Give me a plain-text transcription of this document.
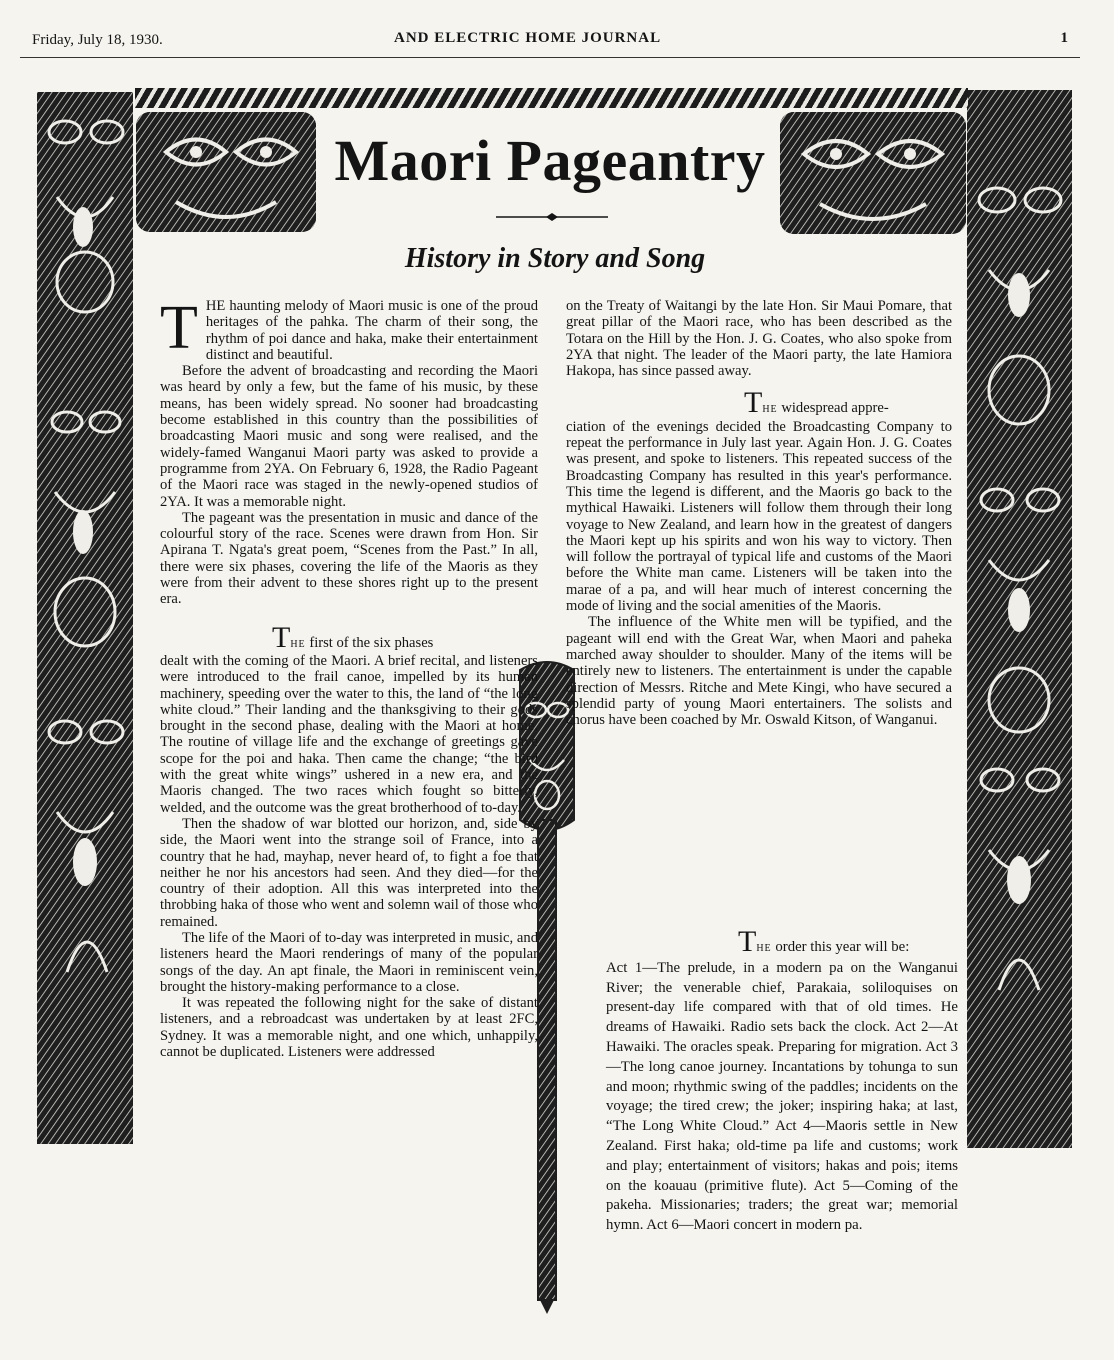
Friday, July 18, 1930.	AND ELECTRIC HOME JOURNAL	1
Maori Pageantry
History in Story and Song

THE haunting melody of Maori music is one of the proud heritages of the pahka. The charm of their song, the rhythm of poi dance and haka, make their entertainment distinct and beautiful.

Before the advent of broadcasting and recording the Maori was heard by only a few, but the fame of his music, by these means, has been widely spread. No sooner had broadcasting become established in this country than the possibilities of broadcasting Maori music and song were realised, and the widely-famed Wanganui Maori party was asked to provide a programme from 2YA. On February 6, 1928, the Radio Pageant of the Maori race was staged in the newly-opened studios of 2YA. It was a memorable night.

The pageant was the presentation in music and dance of the colourful story of the race. Scenes were drawn from Hon. Sir Apirana T. Ngata's great poem, “Scenes from the Past.” In all, there were six phases, covering the life of the Maoris as they were from their advent to these shores right up to the present era.

THE first of the six phases

dealt with the coming of the Maori. A brief recital, and listeners were introduced to the frail canoe, impelled by its human machinery, speeding over the water to this, the land of “the long white cloud.” Their landing and the thanksgiving to their gods brought in the second phase, dealing with the Maori at home. The routine of village life and the exchange of greetings gave scope for the poi and haka. Then came the change; “the bird with the great white wings” ushered in a new era, and the Maoris changed. The two races which fought so bitterly, welded, and the outcome was the great brotherhood of to-day.

Then the shadow of war blotted our horizon, and, side by side, the Maori went into the strange soil of France, into a country that he had, mayhap, never heard of, to fight a foe that neither he nor his ancestors had seen. And they died—for the country of their adoption. All this was interpreted into the throbbing haka of those who went and solemn wail of those who remained.

The life of the Maori of to-day was interpreted in music, and listeners heard the Maori renderings of many of the popular songs of the day. An apt finale, the Maori in reminiscent vein, brought the history-making performance to a close.

It was repeated the following night for the sake of distant listeners, and a rebroadcast was undertaken by at least 2FC, Sydney. It was a memorable night, and one which, unhappily, cannot be duplicated. Listeners were addressed

on the Treaty of Waitangi by the late Hon. Sir Maui Pomare, that great pillar of the Maori race, who has been described as the Totara on the Hill by the Hon. J. G. Coates, who also spoke from 2YA that night. The leader of the Maori party, the late Hamiora Hakopa, has since passed away.

THE widespread appre-

ciation of the evenings decided the Broadcasting Company to repeat the performance in July last year. Again Hon. J. G. Coates was present, and spoke to listeners. This repeated success of the Broadcasting Company has resulted in this year's performance. This time the legend is different, and the Maoris go back to the mythical Hawaiki. Listeners will follow them through their long voyage to New Zealand, and learn how in the greatest of dangers the Maori kept up his spirits and won his way to victory. Then will follow the portrayal of typical life and customs of the Maori before the White man came. Listeners will be taken into the marae of a pa, and will hear much of interest concerning the mode of living and the social amenities of the Maoris.

The influence of the White men will be typified, and the pageant will end with the Great War, when Maori and paheka marched away shoulder to shoulder. Many of the items will be entirely new to listeners. The entertainment is under the capable direction of Messrs. Ritche and Mete Kingi, who have secured a splendid party of young Maori entertainers. The solists and chorus have been coached by Mr. Oswald Kitson, of Wanganui.

THE order this year will be:

Act 1—The prelude, in a modern pa on the Wanganui River; the venerable chief, Parakaia, soliloquises on present-day life compared with that of old times. He dreams of Hawaiki. Radio sets back the clock. Act 2—At Hawaiki. The oracles speak. Preparing for migration. Act 3—The long canoe journey. Incantations by tohunga to sun and moon; rhythmic swing of the paddles; incidents on the voyage; the tired crew; the joker; inspiring haka; at last, “The Long White Cloud.” Act 4—Maoris settle in New Zealand. First haka; old-time pa life and customs; work and play; entertainment of visitors; hakas and pois; items on the koauau (primitive flute). Act 5—Coming of the pakeha. Missionaries; traders; the great war; memorial hymn. Act 6—Maori concert in modern pa.
